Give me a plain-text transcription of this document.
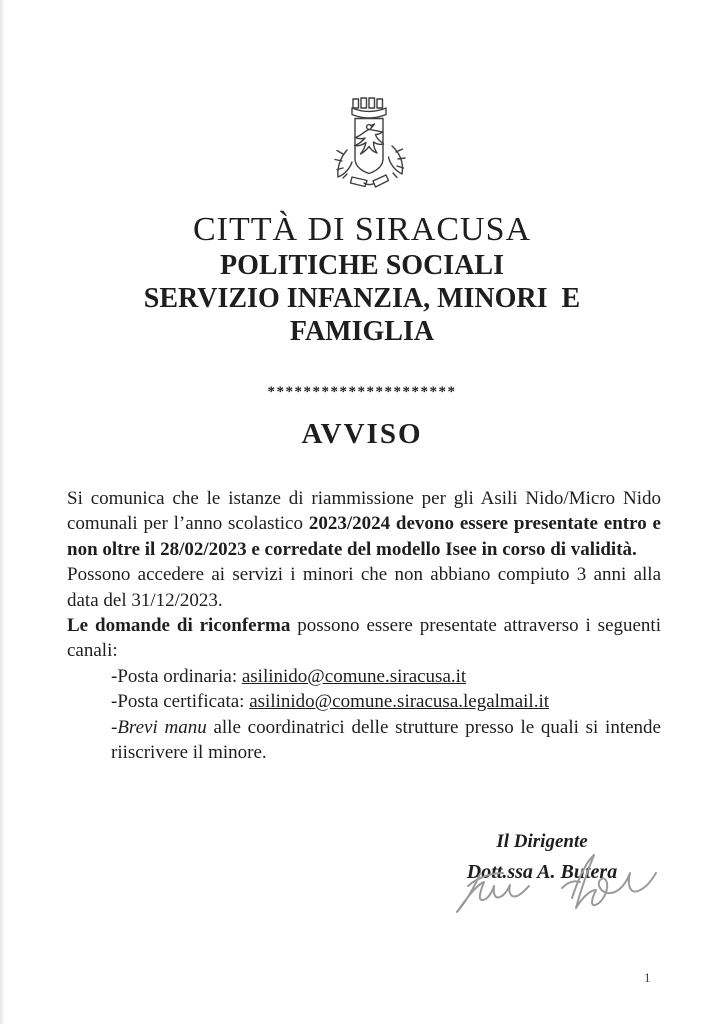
CITTÀ DI SIRACUSA
POLITICHE SOCIALI
SERVIZIO INFANZIA, MINORI  E
FAMIGLIA
*********************
AVVISO

Si comunica che le istanze di riammissione per gli Asili Nido/Micro Nido comunali per l’anno scolastico 2023/2024 devono essere presentate entro e non oltre il 28/02/2023 e corredate del modello Isee in corso di validità.

Possono accedere ai servizi i minori che non abbiano compiuto 3 anni alla data del 31/12/2023.

Le domande di riconferma possono essere presentate attraverso i seguenti canali:

-Posta ordinaria: asilinido@comune.siracusa.it

-Posta certificata: asilinido@comune.siracusa.legalmail.it

-Brevi manu alle coordinatrici delle strutture presso le quali si intende riiscrivere il minore.

Il Dirigente
Dott.ssa A. Butera
1
